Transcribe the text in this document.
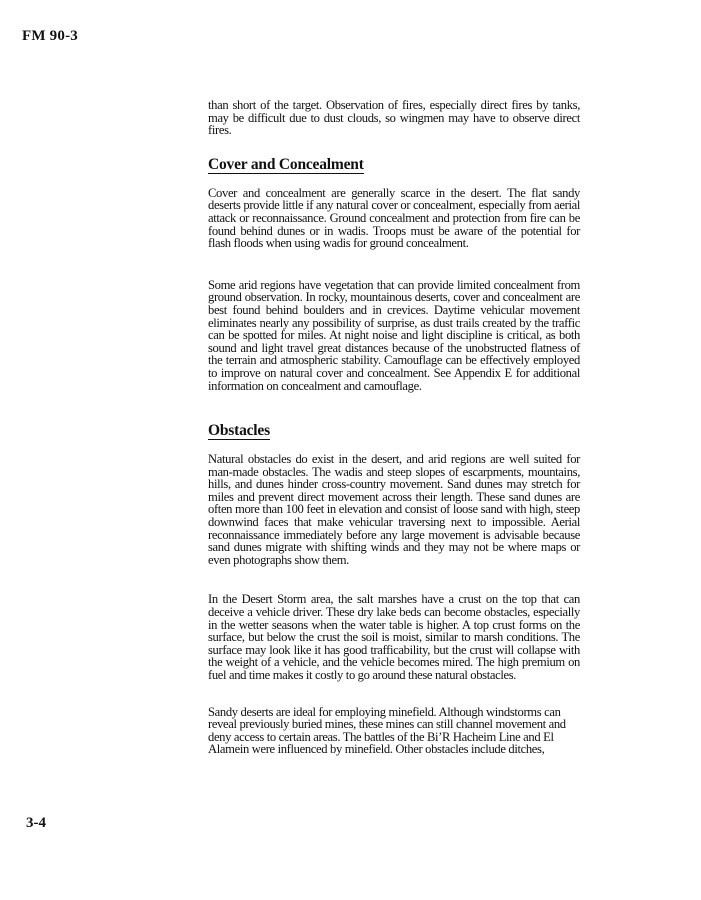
FM 90-3

than short of the target. Observation of fires, especially direct fires by tanks, may be difficult due to dust clouds, so wingmen may have to observe direct fires.

Cover and Concealment

Cover and concealment are generally scarce in the desert. The flat sandy deserts provide little if any natural cover or concealment, especially from aerial attack or reconnaissance. Ground concealment and protection from fire can be found behind dunes or in wadis. Troops must be aware of the potential for flash floods when using wadis for ground concealment.

Some arid regions have vegetation that can provide limited concealment from ground observation. In rocky, mountainous deserts, cover and concealment are best found behind boulders and in crevices. Daytime vehicular movement eliminates nearly any possibility of surprise, as dust trails created by the traffic can be spotted for miles. At night noise and light discipline is critical, as both sound and light travel great distances because of the unobstructed flatness of the terrain and atmospheric stability. Camouflage can be effectively employed to improve on natural cover and concealment. See Appendix E for additional information on concealment and camouflage.

Obstacles

Natural obstacles do exist in the desert, and arid regions are well suited for man-made obstacles. The wadis and steep slopes of escarpments, mountains, hills, and dunes hinder cross-country movement. Sand dunes may stretch for miles and prevent direct movement across their length. These sand dunes are often more than 100 feet in elevation and consist of loose sand with high, steep downwind faces that make vehicular traversing next to impossible. Aerial reconnaissance immediately before any large movement is advisable because sand dunes migrate with shifting winds and they may not be where maps or even photographs show them.

In the Desert Storm area, the salt marshes have a crust on the top that can deceive a vehicle driver. These dry lake beds can become obstacles, especially in the wetter seasons when the water table is higher. A top crust forms on the surface, but below the crust the soil is moist, similar to marsh conditions. The surface may look like it has good trafficability, but the crust will collapse with the weight of a vehicle, and the vehicle becomes mired. The high premium on fuel and time makes it costly to go around these natural obstacles.

Sandy deserts are ideal for employing minefield. Although windstorms can reveal previously buried mines, these mines can still channel movement and deny access to certain areas. The battles of the Bi’R Hacheim Line and El Alamein were influenced by minefield. Other obstacles include ditches,

3-4
